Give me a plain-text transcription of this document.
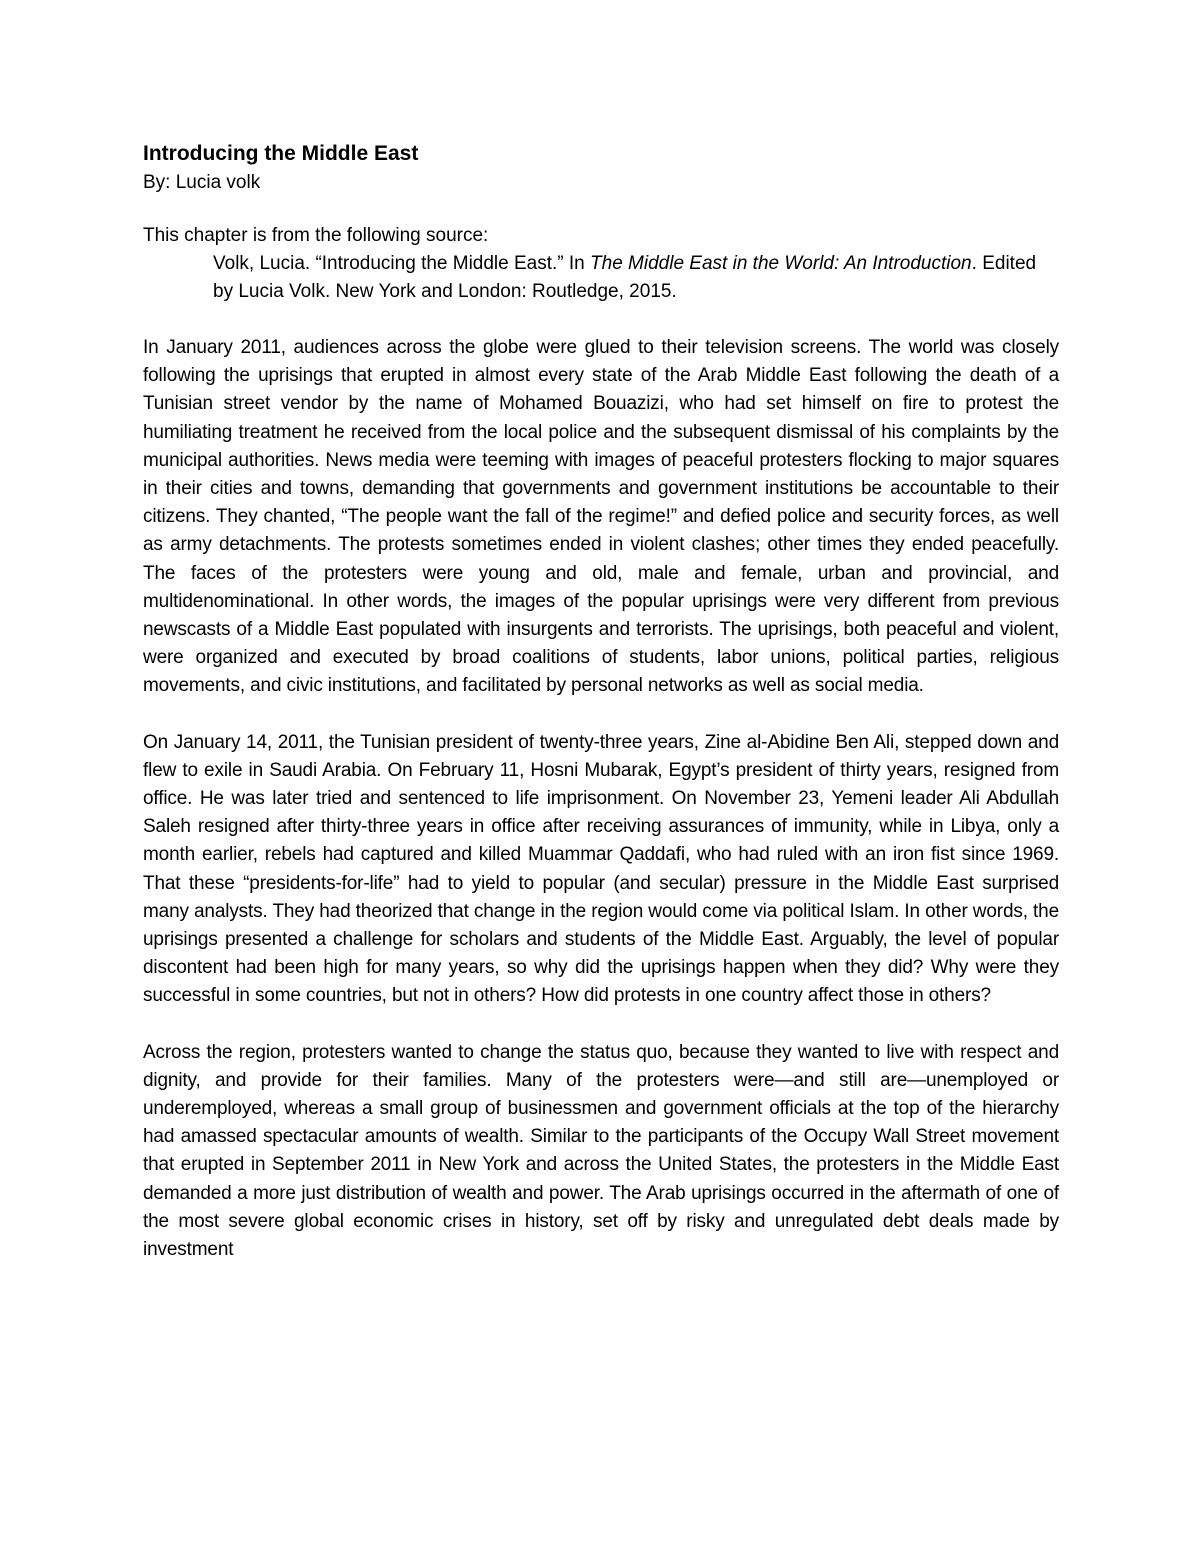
Introducing the Middle East

By: Lucia volk

This chapter is from the following source:

Volk, Lucia. “Introducing the Middle East.” In The Middle East in the World: An Introduction. Edited by Lucia Volk. New York and London: Routledge, 2015.

In January 2011, audiences across the globe were glued to their television screens. The world was closely following the uprisings that erupted in almost every state of the Arab Middle East following the death of a Tunisian street vendor by the name of Mohamed Bouazizi, who had set himself on fire to protest the humiliating treatment he received from the local police and the subsequent dismissal of his complaints by the municipal authorities. News media were teeming with images of peaceful protesters flocking to major squares in their cities and towns, demanding that governments and government institutions be accountable to their citizens. They chanted, “The people want the fall of the regime!” and defied police and security forces, as well as army detachments. The protests sometimes ended in violent clashes; other times they ended peacefully. The faces of the protesters were young and old, male and female, urban and provincial, and multidenominational. In other words, the images of the popular uprisings were very different from previous newscasts of a Middle East populated with insurgents and terrorists. The uprisings, both peaceful and violent, were organized and executed by broad coalitions of students, labor unions, political parties, religious movements, and civic institutions, and facilitated by personal networks as well as social media.

On January 14, 2011, the Tunisian president of twenty-three years, Zine al-Abidine Ben Ali, stepped down and flew to exile in Saudi Arabia. On February 11, Hosni Mubarak, Egypt’s president of thirty years, resigned from office. He was later tried and sentenced to life imprisonment. On November 23, Yemeni leader Ali Abdullah Saleh resigned after thirty-three years in office after receiving assurances of immunity, while in Libya, only a month earlier, rebels had captured and killed Muammar Qaddafi, who had ruled with an iron fist since 1969. That these “presidents-for-life” had to yield to popular (and secular) pressure in the Middle East surprised many analysts. They had theorized that change in the region would come via political Islam. In other words, the uprisings presented a challenge for scholars and students of the Middle East. Arguably, the level of popular discontent had been high for many years, so why did the uprisings happen when they did? Why were they successful in some countries, but not in others? How did protests in one country affect those in others?

Across the region, protesters wanted to change the status quo, because they wanted to live with respect and dignity, and provide for their families. Many of the protesters were—and still are—unemployed or underemployed, whereas a small group of businessmen and government officials at the top of the hierarchy had amassed spectacular amounts of wealth. Similar to the participants of the Occupy Wall Street movement that erupted in September 2011 in New York and across the United States, the protesters in the Middle East demanded a more just distribution of wealth and power. The Arab uprisings occurred in the aftermath of one of the most severe global economic crises in history, set off by risky and unregulated debt deals made by investment
